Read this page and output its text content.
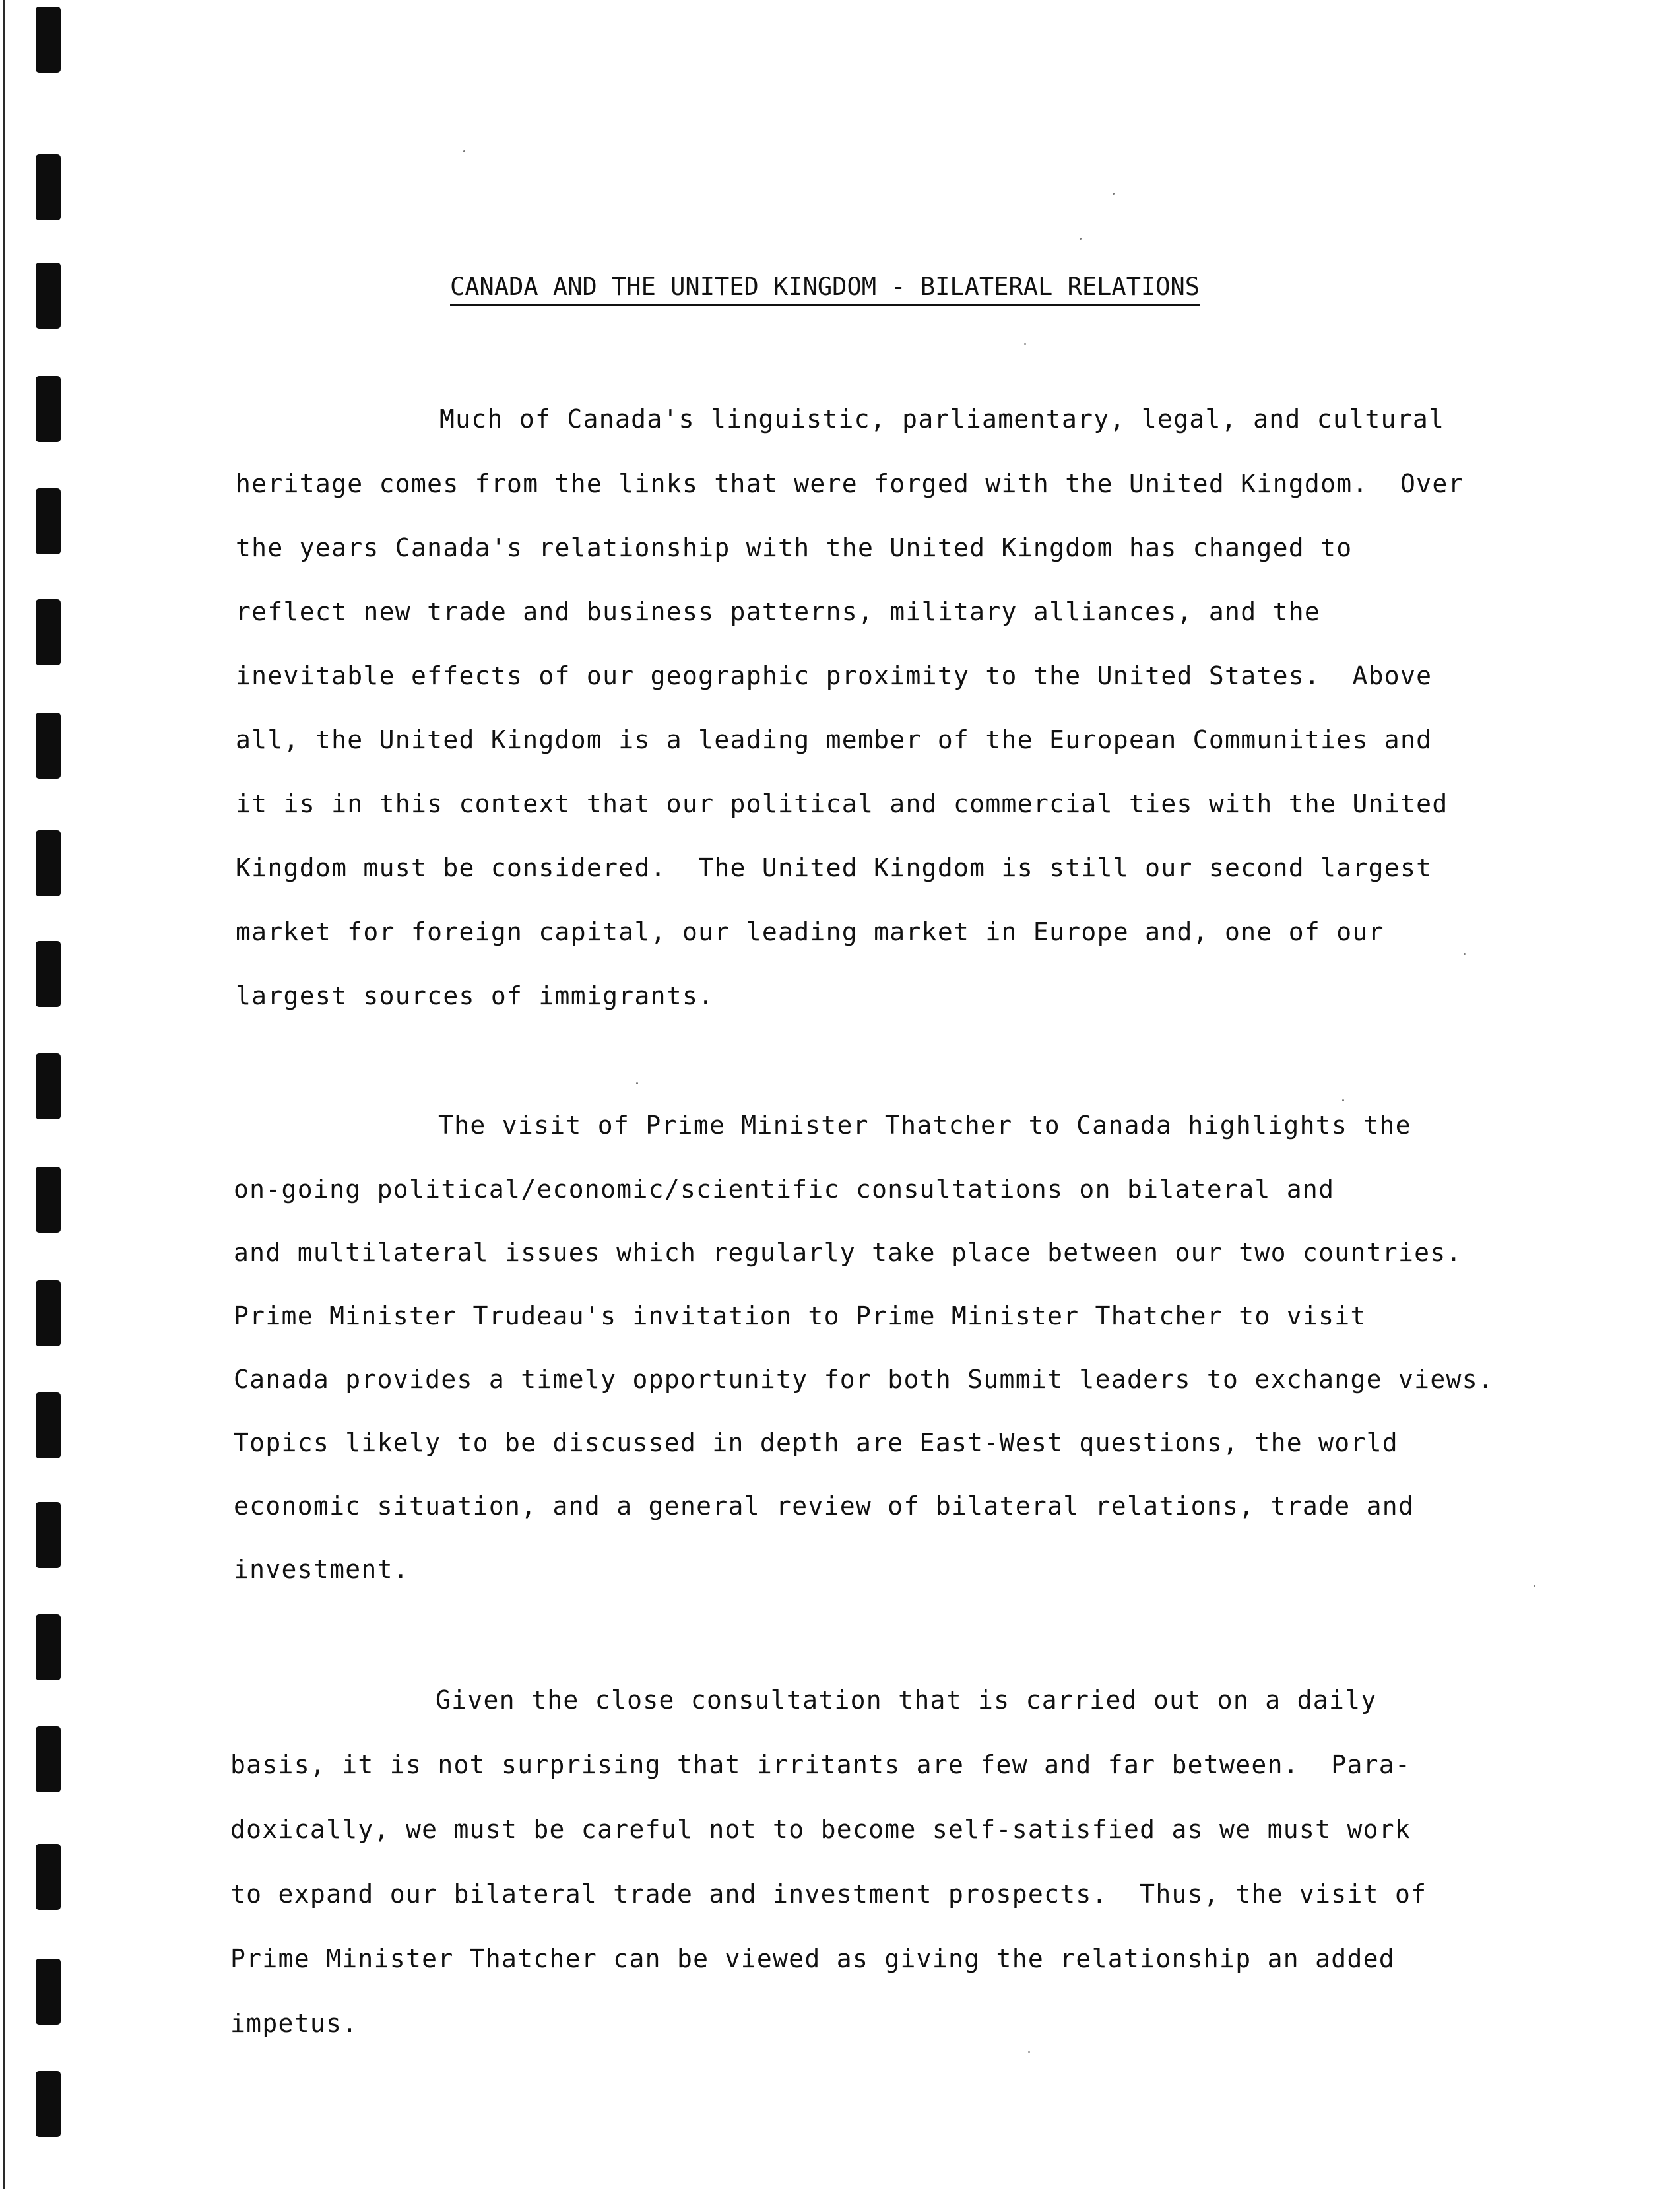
CANADA AND THE UNITED KINGDOM - BILATERAL RELATIONS
Much of Canada's linguistic, parliamentary, legal, and cultural
heritage comes from the links that were forged with the United Kingdom.  Over
the years Canada's relationship with the United Kingdom has changed to
reflect new trade and business patterns, military alliances, and the
inevitable effects of our geographic proximity to the United States.  Above
all, the United Kingdom is a leading member of the European Communities and
it is in this context that our political and commercial ties with the United
Kingdom must be considered.  The United Kingdom is still our second largest
market for foreign capital, our leading market in Europe and, one of our
largest sources of immigrants.
The visit of Prime Minister Thatcher to Canada highlights the
on-going political/economic/scientific consultations on bilateral and
and multilateral issues which regularly take place between our two countries.
Prime Minister Trudeau's invitation to Prime Minister Thatcher to visit
Canada provides a timely opportunity for both Summit leaders to exchange views.
Topics likely to be discussed in depth are East-West questions, the world
economic situation, and a general review of bilateral relations, trade and
investment.
Given the close consultation that is carried out on a daily
basis, it is not surprising that irritants are few and far between.  Para-
doxically, we must be careful not to become self-satisfied as we must work
to expand our bilateral trade and investment prospects.  Thus, the visit of
Prime Minister Thatcher can be viewed as giving the relationship an added
impetus.
